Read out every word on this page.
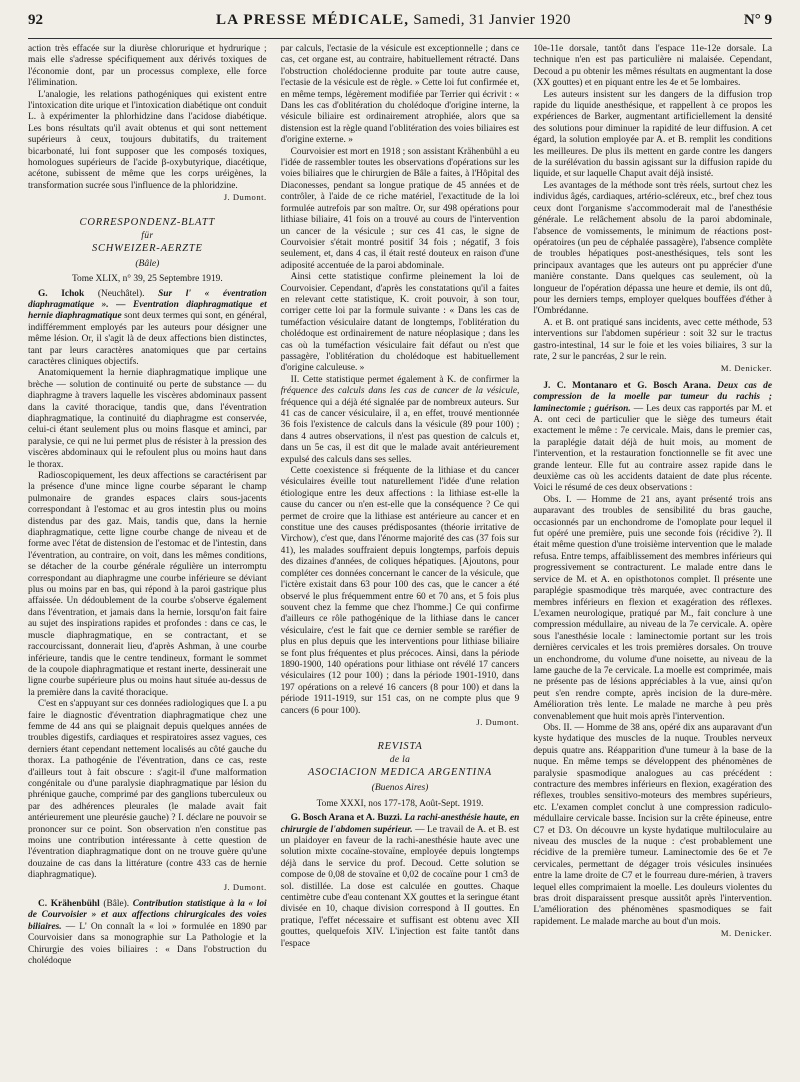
92	LA PRESSE MÉDICALE, Samedi, 31 Janvier 1920	N° 9

action très effacée sur la diurèse chlorurique et hydrurique ; mais elle s'adresse spécifiquement aux dérivés toxiques de l'économie dont, par un processus complexe, elle force l'élimination.

L'analogie, les relations pathogéniques qui existent entre l'intoxication dite urique et l'intoxication diabétique ont conduit L. à expérimenter la phlorhidzine dans l'acidose diabétique. Les bons résultats qu'il avait obtenus et qui sont nettement supérieurs à ceux, toujours dubitatifs, du traitement bicarbonaté, lui font supposer que les composés toxiques, homologues supérieurs de l'acide β-oxybutyrique, diacétique, acétone, subissent de même que les corps uréigènes, la transformation sucrée sous l'influence de la phloridzine.

J. Dumont.
CORRESPONDENZ-BLATT
für
SCHWEIZER-AERZTE
(Bâle)
Tome XLIX, n° 39, 25 Septembre 1919.

G. Ichok (Neuchâtel). Sur l' « éventration diaphragmatique ». — Eventration diaphragmatique et hernie diaphragmatique sont deux termes qui sont, en général, indifféremment employés par les auteurs pour désigner une même lésion. Or, il s'agit là de deux affections bien distinctes, tant par leurs caractères anatomiques que par certains caractères cliniques objectifs.

Anatomiquement la hernie diaphragmatique implique une brèche — solution de continuité ou perte de substance — du diaphragme à travers laquelle les viscères abdominaux passent dans la cavité thoracique, tandis que, dans l'éventration diaphragmatique, la continuité du diaphragme est conservée, celui-ci étant seulement plus ou moins flasque et aminci, par paralysie, ce qui ne lui permet plus de résister à la pression des viscères abdominaux qui le refoulent plus ou moins haut dans le thorax.

Radioscopiquement, les deux affections se caractérisent par la présence d'une mince ligne courbe séparant le champ pulmonaire de grandes espaces clairs sous-jacents correspondant à l'estomac et au gros intestin plus ou moins distendus par des gaz. Mais, tandis que, dans la hernie diaphragmatique, cette ligne courbe change de niveau et de forme avec l'état de distension de l'estomac et de l'intestin, dans l'éventration, au contraire, on voit, dans les mêmes conditions, se détacher de la courbe générale régulière un interromptu correspondant au diaphragme une courbe inférieure se déviant plus ou moins par en bas, qui répond à la paroi gastrique plus affaissée. Un dédoublement de la courbe s'observe également dans l'éventration, et jamais dans la hernie, lorsqu'on fait faire au sujet des inspirations rapides et profondes : dans ce cas, le muscle diaphragmatique, en se contractant, et se raccourcissant, donnerait lieu, d'après Ashman, à une courbe inférieure, tandis que le centre tendineux, formant le sommet de la coupole diaphragmatique et restant inerte, dessinerait une ligne courbe supérieure plus ou moins haut située au-dessus de la première dans la cavité thoracique.

C'est en s'appuyant sur ces données radiologiques que I. a pu faire le diagnostic d'éventration diaphragmatique chez une femme de 44 ans qui se plaignait depuis quelques années de troubles digestifs, cardiaques et respiratoires assez vagues, ces derniers étant cependant nettement localisés au côté gauche du thorax. La pathogénie de l'éventration, dans ce cas, reste d'ailleurs tout à fait obscure : s'agit-il d'une malformation congénitale ou d'une paralysie diaphragmatique par lésion du phrénique gauche, comprimé par des ganglions tuberculeux ou par des adhérences pleurales (le malade avait fait antérieurement une pleurésie gauche) ? I. déclare ne pouvoir se prononcer sur ce point. Son observation n'en constitue pas moins une contribution intéressante à cette question de l'éventration diaphragmatique dont on ne trouve guère qu'une douzaine de cas dans la littérature (contre 433 cas de hernie diaphragmatique).

J. Dumont.

C. Krähenbühl (Bâle). Contribution statistique à la « loi de Courvoisier » et aux affections chirurgicales des voies biliaires. — L' On connaît la « loi » formulée en 1890 par Courvoisier dans sa monographie sur La Pathologie et la Chirurgie des voies biliaires : « Dans l'obstruction du cholédoque

par calculs, l'ectasie de la vésicule est exceptionnelle ; dans ce cas, cet organe est, au contraire, habituellement rétracté. Dans l'obstruction cholédocienne produite par toute autre cause, l'ectasie de la vésicule est de règle. » Cette loi fut confirmée et, en même temps, légèrement modifiée par Terrier qui écrivit : « Dans les cas d'oblitération du cholédoque d'origine interne, la vésicule biliaire est ordinairement atrophiée, alors que sa distension est la règle quand l'oblitération des voies biliaires est d'origine externe. »

Courvoisier est mort en 1918 ; son assistant Krähenbühl a eu l'idée de rassembler toutes les observations d'opérations sur les voies biliaires que le chirurgien de Bâle a faites, à l'Hôpital des Diaconesses, pendant sa longue pratique de 45 années et de contrôler, à l'aide de ce riche matériel, l'exactitude de la loi formulée autrefois par son maître. Or, sur 498 opérations pour lithiase biliaire, 41 fois on a trouvé au cours de l'intervention un cancer de la vésicule ; sur ces 41 cas, le signe de Courvoisier s'était montré positif 34 fois ; négatif, 3 fois seulement, et, dans 4 cas, il était resté douteux en raison d'une adiposité accentuée de la paroi abdominale.

Ainsi cette statistique confirme pleinement la loi de Courvoisier. Cependant, d'après les constatations qu'il a faites en relevant cette statistique, K. croit pouvoir, à son tour, corriger cette loi par la formule suivante : « Dans les cas de tuméfaction vésiculaire datant de longtemps, l'oblitération du cholédoque est ordinairement de nature néoplasique ; dans les cas où la tuméfaction vésiculaire fait défaut ou n'est que passagère, l'oblitération du cholédoque est habituellement d'origine calculeuse. »

II. Cette statistique permet également à K. de confirmer la fréquence des calculs dans les cas de cancer de la vésicule, fréquence qui a déjà été signalée par de nombreux auteurs. Sur 41 cas de cancer vésiculaire, il a, en effet, trouvé mentionnée 36 fois l'existence de calculs dans la vésicule (89 pour 100) ; dans 4 autres observations, il n'est pas question de calculs et, dans un 5e cas, il est dit que le malade avait antérieurement expulsé des calculs dans ses selles.

Cette coexistence si fréquente de la lithiase et du cancer vésiculaires éveille tout naturellement l'idée d'une relation étiologique entre les deux affections : la lithiase est-elle la cause du cancer ou n'en est-elle que la conséquence ? Ce qui permet de croire que la lithiase est antérieure au cancer et en constitue une des causes prédisposantes (théorie irritative de Virchow), c'est que, dans l'énorme majorité des cas (37 fois sur 41), les malades souffraient depuis longtemps, parfois depuis des dizaines d'années, de coliques hépatiques. [Ajoutons, pour compléter ces données concernant le cancer de la vésicule, que l'ictère existait dans 63 pour 100 des cas, que le cancer a été observé le plus fréquemment entre 60 et 70 ans, et 5 fois plus souvent chez la femme que chez l'homme.] Ce qui confirme d'ailleurs ce rôle pathogénique de la lithiase dans le cancer vésiculaire, c'est le fait que ce dernier semble se raréfier de plus en plus depuis que les interventions pour lithiase biliaire se font plus fréquentes et plus précoces. Ainsi, dans la période 1890-1900, 140 opérations pour lithiase ont révélé 17 cancers vésiculaires (12 pour 100) ; dans la période 1901-1910, dans 197 opérations on a relevé 16 cancers (8 pour 100) et dans la période 1911-1919, sur 151 cas, on ne compte plus que 9 cancers (6 pour 100).

J. Dumont.
REVISTA
de la
ASOCIACION MEDICA ARGENTINA
(Buenos Aires)
Tome XXXI, nos 177-178, Août-Sept. 1919.

G. Bosch Arana et A. Buzzi. La rachi-anesthésie haute, en chirurgie de l'abdomen supérieur. — Le travail de A. et B. est un plaidoyer en faveur de la rachi-anesthésie haute avec une solution mixte cocaïne-stovaïne, employée depuis longtemps déjà dans le service du prof. Decoud. Cette solution se compose de 0,08 de stovaïne et 0,02 de cocaïne pour 1 cm3 de sol. distillée. La dose est calculée en gouttes. Chaque centimètre cube d'eau contenant XX gouttes et la seringue étant divisée en 10, chaque division correspond à II gouttes. En pratique, l'effet nécessaire et suffisant est obtenu avec XII gouttes, quelquefois XIV. L'injection est faite tantôt dans l'espace

10e-11e dorsale, tantôt dans l'espace 11e-12e dorsale. La technique n'en est pas particulière ni malaisée. Cependant, Decoud a pu obtenir les mêmes résultats en augmentant la dose (XX gouttes) et en piquant entre les 4e et 5e lombaires.

Les auteurs insistent sur les dangers de la diffusion trop rapide du liquide anesthésique, et rappellent à ce propos les expériences de Barker, augmentant artificiellement la densité des solutions pour diminuer la rapidité de leur diffusion. A cet égard, la solution employée par A. et B. remplit les conditions les meilleures. De plus ils mettent en garde contre les dangers de la surélévation du bassin agissant sur la diffusion rapide du liquide, et sur laquelle Chaput avait déjà insisté.

Les avantages de la méthode sont très réels, surtout chez les individus âgés, cardiaques, artério-scléreux, etc., bref chez tous ceux dont l'organisme s'accommoderait mal de l'anesthésie générale. Le relâchement absolu de la paroi abdominale, l'absence de vomissements, le minimum de réactions post-opératoires (un peu de céphalée passagère), l'absence complète de troubles hépatiques post-anesthésiques, tels sont les principaux avantages que les auteurs ont pu apprécier d'une manière constante. Dans quelques cas seulement, où la longueur de l'opération dépassa une heure et demie, ils ont dû, pour les derniers temps, employer quelques bouffées d'éther à l'Ombrédanne.

A. et B. ont pratiqué sans incidents, avec cette méthode, 53 interventions sur l'abdomen supérieur : soit 32 sur le tractus gastro-intestinal, 14 sur le foie et les voies biliaires, 3 sur la rate, 2 sur le pancréas, 2 sur le rein.

M. Denicker.

J. C. Montanaro et G. Bosch Arana. Deux cas de compression de la moelle par tumeur du rachis ; laminectomie ; guérison. — Les deux cas rapportés par M. et A. ont ceci de particulier que le siège des tumeurs était exactement le même : 7e cervicale. Mais, dans le premier cas, la paraplégie datait déjà de huit mois, au moment de l'intervention, et la restauration fonctionnelle se fit avec une grande lenteur. Elle fut au contraire assez rapide dans le deuxième cas où les accidents dataient de date plus récente. Voici le résumé de ces deux observations :

Obs. I. — Homme de 21 ans, ayant présenté trois ans auparavant des troubles de sensibilité du bras gauche, occasionnés par un enchondrome de l'omoplate pour lequel il fut opéré une première, puis une seconde fois (récidive ?). Il était même question d'une troisième intervention que le malade refusa. Entre temps, affaiblissement des membres inférieurs qui progressivement se contracturent. Le malade entre dans le service de M. et A. en opisthotonos complet. Il présente une paraplégie spasmodique très marquée, avec contracture des membres inférieurs en flexion et exagération des réflexes. L'examen neurologique, pratiqué par M., fait conclure à une compression médullaire, au niveau de la 7e cervicale. A. opère sous l'anesthésie locale : laminectomie portant sur les trois dernières cervicales et les trois premières dorsales. On trouve un enchondrome, du volume d'une noisette, au niveau de la lame gauche de la 7e cervicale. La moelle est comprimée, mais ne présente pas de lésions appréciables à la vue, ainsi qu'on peut s'en rendre compte, après incision de la dure-mère. Amélioration très lente. Le malade ne marche à peu près convenablement que huit mois après l'intervention.

Obs. II. — Homme de 38 ans, opéré dix ans auparavant d'un kyste hydatique des muscles de la nuque. Troubles nerveux depuis quatre ans. Réapparition d'une tumeur à la base de la nuque. En même temps se développent des phénomènes de paralysie spasmodique analogues au cas précédent : contracture des membres inférieurs en flexion, exagération des réflexes, troubles sensitivo-moteurs des membres supérieurs, etc. L'examen complet conclut à une compression radiculo-médullaire cervicale basse. Incision sur la crête épineuse, entre C7 et D3. On découvre un kyste hydatique multiloculaire au niveau des muscles de la nuque : c'est probablement une récidive de la première tumeur. Laminectomie des 6e et 7e cervicales, permettant de dégager trois vésicules insinuées entre la lame droite de C7 et le fourreau dure-mérien, à travers lequel elles comprimaient la moelle. Les douleurs violentes du bras droit disparaissent presque aussitôt après l'intervention. L'amélioration des phénomènes spasmodiques se fait rapidement. Le malade marche au bout d'un mois.

M. Denicker.
